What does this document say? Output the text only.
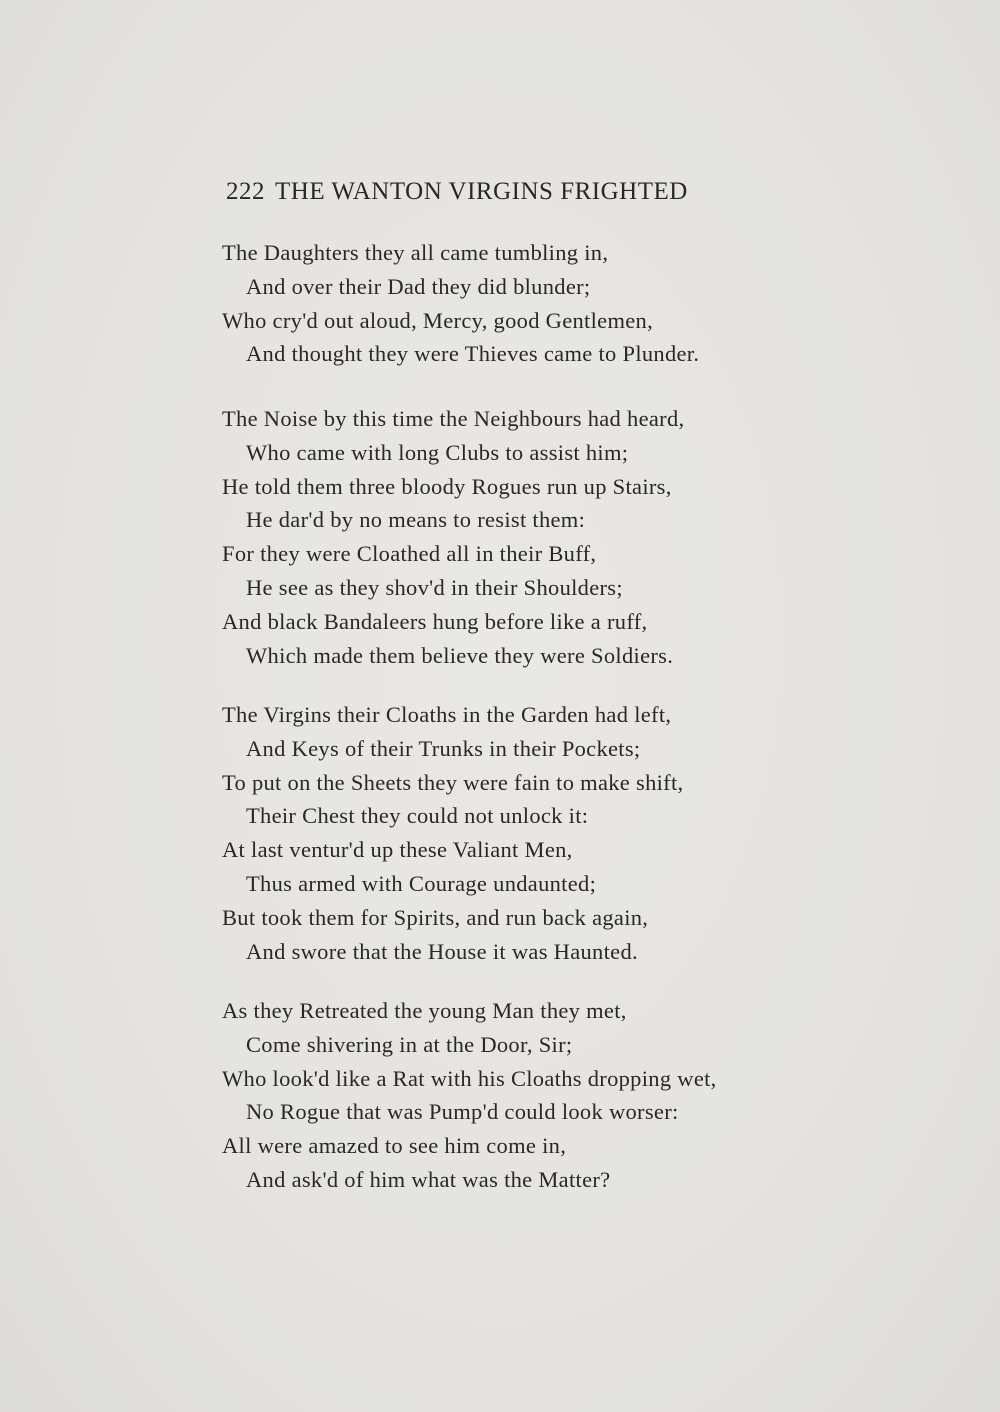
222 THE WANTON VIRGINS FRIGHTED
The Daughters they all came tumbling in,
And over their Dad they did blunder;
Who cry'd out aloud, Mercy, good Gentlemen,
And thought they were Thieves came to Plunder.
The Noise by this time the Neighbours had heard,
Who came with long Clubs to assist him;
He told them three bloody Rogues run up Stairs,
He dar'd by no means to resist them:
For they were Cloathed all in their Buff,
He see as they shov'd in their Shoulders;
And black Bandaleers hung before like a ruff,
Which made them believe they were Soldiers.
The Virgins their Cloaths in the Garden had left,
And Keys of their Trunks in their Pockets;
To put on the Sheets they were fain to make shift,
Their Chest they could not unlock it:
At last ventur'd up these Valiant Men,
Thus armed with Courage undaunted;
But took them for Spirits, and run back again,
And swore that the House it was Haunted.
As they Retreated the young Man they met,
Come shivering in at the Door, Sir;
Who look'd like a Rat with his Cloaths dropping wet,
No Rogue that was Pump'd could look worser:
All were amazed to see him come in,
And ask'd of him what was the Matter?
